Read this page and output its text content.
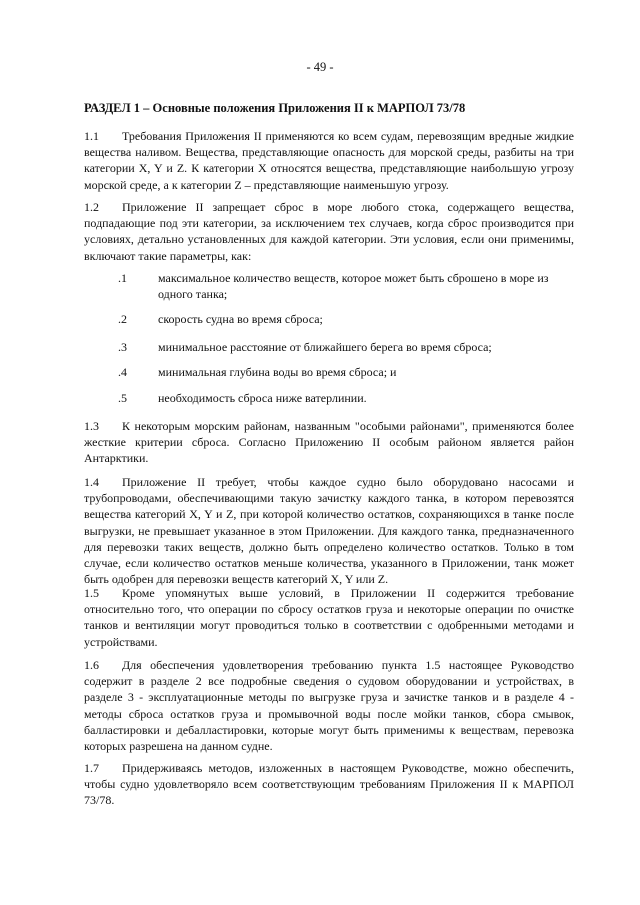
- 49 -
РАЗДЕЛ 1 – Основные положения Приложения II к МАРПОЛ 73/78

1.1 Требования Приложения II применяются ко всем судам, перевозящим вредные жидкие вещества наливом. Вещества, представляющие опасность для морской среды, разбиты на три категории X, Y и Z. К категории X относятся вещества, представляющие наибольшую угрозу морской среде, а к категории Z – представляющие наименьшую угрозу.

1.2 Приложение II запрещает сброс в море любого стока, содержащего вещества, подпадающие под эти категории, за исключением тех случаев, когда сброс производится при условиях, детально установленных для каждой категории. Эти условия, если они применимы, включают такие параметры, как:

.1	максимальное количество веществ, которое может быть сброшено в море из одного танка;
.2	скорость судна во время сброса;
.3	минимальное расстояние от ближайшего берега во время сброса;
.4	минимальная глубина воды во время сброса; и
.5	необходимость сброса ниже ватерлинии.

1.3 К некоторым морским районам, названным "особыми районами", применяются более жесткие критерии сброса. Согласно Приложению II особым районом является район Антарктики.

1.4 Приложение II требует, чтобы каждое судно было оборудовано насосами и трубопроводами, обеспечивающими такую зачистку каждого танка, в котором перевозятся вещества категорий X, Y и Z, при которой количество остатков, сохраняющихся в танке после выгрузки, не превышает указанное в этом Приложении. Для каждого танка, предназначенного для перевозки таких веществ, должно быть определено количество остатков. Только в том случае, если количество остатков меньше количества, указанного в Приложении, танк может быть одобрен для перевозки веществ категорий X, Y или Z.

1.5 Кроме упомянутых выше условий, в Приложении II содержится требование относительно того, что операции по сбросу остатков груза и некоторые операции по очистке танков и вентиляции могут проводиться только в соответствии с одобренными методами и устройствами.

1.6 Для обеспечения удовлетворения требованию пункта 1.5 настоящее Руководство содержит в разделе 2 все подробные сведения о судовом оборудовании и устройствах, в разделе 3 - эксплуатационные методы по выгрузке груза и зачистке танков и в разделе 4 - методы сброса остатков груза и промывочной воды после мойки танков, сбора смывок, балластировки и дебалластировки, которые могут быть применимы к веществам, перевозка которых разрешена на данном судне.

1.7 Придерживаясь методов, изложенных в настоящем Руководстве, можно обеспечить, чтобы судно удовлетворяло всем соответствующим требованиям Приложения II к МАРПОЛ 73/78.
